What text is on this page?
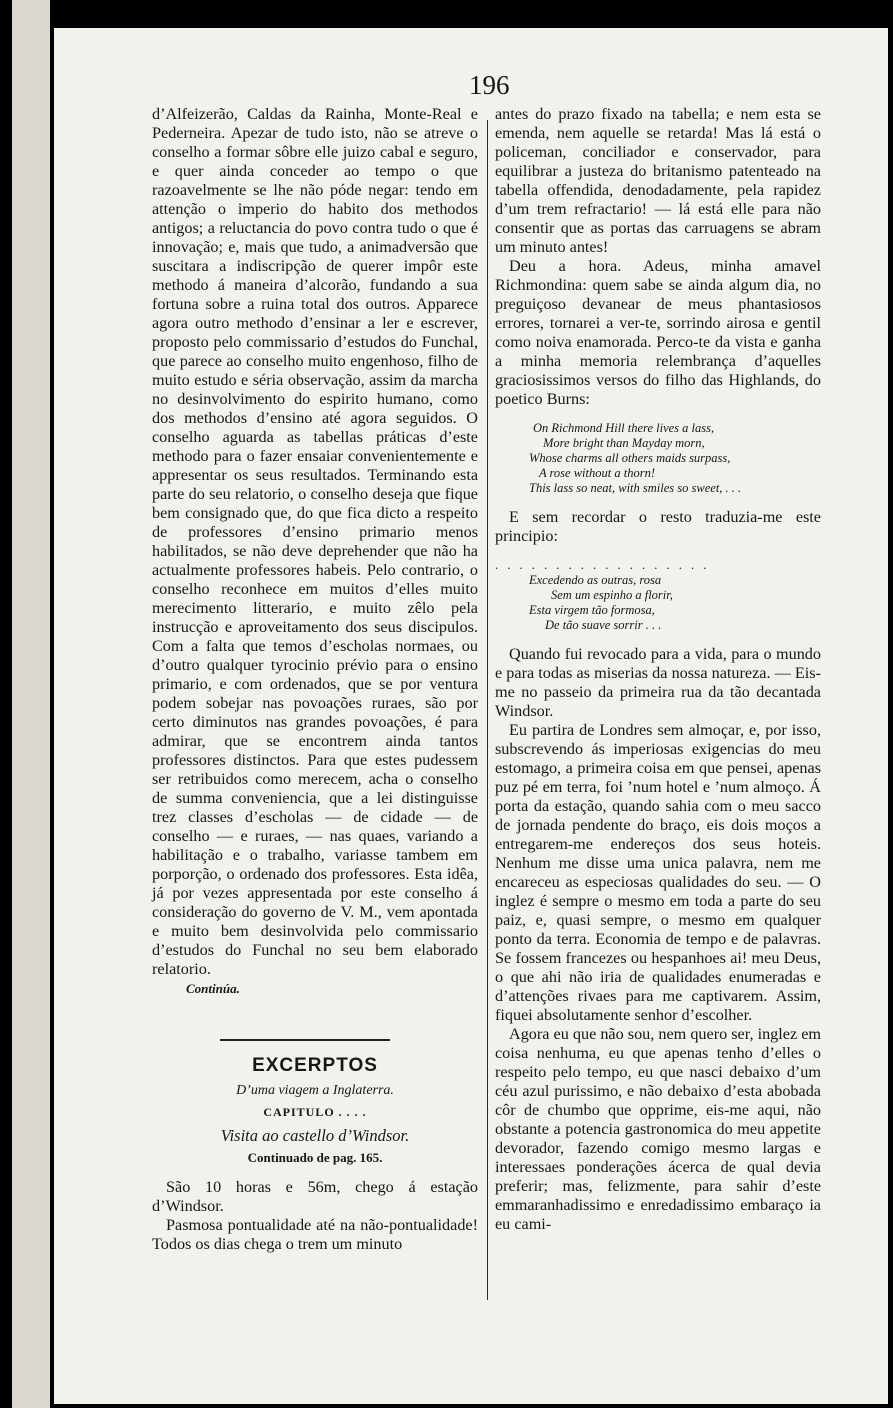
196

d’Alfeizerão, Caldas da Rainha, Monte-Real e Pederneira. Apezar de tudo isto, não se atreve o conselho a formar sôbre elle juizo cabal e seguro, e quer ainda conceder ao tempo o que razoavelmente se lhe não póde negar: tendo em attenção o imperio do habito dos methodos antigos; a reluctancia do povo contra tudo o que é innovação; e, mais que tudo, a animadversão que suscitara a indiscripção de querer impôr este methodo á maneira d’alcorão, fundando a sua fortuna sobre a ruina total dos outros. Apparece agora outro methodo d’ensinar a ler e escrever, proposto pelo commissario d’estudos do Funchal, que parece ao conselho muito engenhoso, filho de muito estudo e séria observação, assim da marcha no desinvolvimento do espirito humano, como dos methodos d’ensino até agora seguidos. O conselho aguarda as tabellas práticas d’este methodo para o fazer ensaiar convenientemente e appresentar os seus resultados. Terminando esta parte do seu relatorio, o conselho deseja que fique bem consignado que, do que fica dicto a respeito de professores d’ensino primario menos habilitados, se não deve deprehender que não ha actualmente professores habeis. Pelo contrario, o conselho reconhece em muitos d’elles muito merecimento litterario, e muito zêlo pela instrucção e aproveitamento dos seus discipulos. Com a falta que temos d’escholas normaes, ou d’outro qualquer tyrocinio prévio para o ensino primario, e com ordenados, que se por ventura podem sobejar nas povoações ruraes, são por certo diminutos nas grandes povoações, é para admirar, que se encontrem ainda tantos professores distinctos. Para que estes pudessem ser retribuidos como merecem, acha o conselho de summa conveniencia, que a lei distinguisse trez classes d’escholas — de cidade — de conselho — e ruraes, — nas quaes, variando a habilitação e o trabalho, variasse tambem em porporção, o ordenado dos professores. Esta idêa, já por vezes appresentada por este conselho á consideração do governo de V. M., vem apontada e muito bem desinvolvida pelo commissario d’estudos do Funchal no seu bem elaborado relatorio.

Continúa.
EXCERPTOS
D’uma viagem a Inglaterra.
CAPITULO . . . .
Visita ao castello d’Windsor.
Continuado de pag. 165.

São 10 horas e 56m, chego á estação d’Windsor.

Pasmosa pontualidade até na não-pontualidade! Todos os dias chega o trem um minuto

antes do prazo fixado na tabella; e nem esta se emenda, nem aquelle se retarda! Mas lá está o policeman, conciliador e conservador, para equilibrar a justeza do britanismo patenteado na tabella offendida, denodadamente, pela rapidez d’um trem refractario! — lá está elle para não consentir que as portas das carruagens se abram um minuto antes!

Deu a hora. Adeus, minha amavel Richmondina: quem sabe se ainda algum dia, no preguiçoso devanear de meus phantasiosos errores, tornarei a ver-te, sorrindo airosa e gentil como noiva enamorada. Perco-te da vista e ganha a minha memoria relembrança d’aquelles graciosissimos versos do filho das Highlands, do poetico Burns:

On Richmond Hill there lives a lass,
More bright than Mayday morn,
Whose charms all others maids surpass,
A rose without a thorn!
This lass so neat, with smiles so sweet, . . .

E sem recordar o resto traduzia-me este principio:

. . . . . . . . . . . . . . . . . .
Excedendo as outras, rosa
Sem um espinho a florir,
Esta virgem tão formosa,
De tão suave sorrir . . .

Quando fui revocado para a vida, para o mundo e para todas as miserias da nossa natureza. — Eis-me no passeio da primeira rua da tão decantada Windsor.

Eu partira de Londres sem almoçar, e, por isso, subscrevendo ás imperiosas exigencias do meu estomago, a primeira coisa em que pensei, apenas puz pé em terra, foi ’num hotel e ’num almoço. Á porta da estação, quando sahia com o meu sacco de jornada pendente do braço, eis dois moços a entregarem-me endereços dos seus hoteis. Nenhum me disse uma unica palavra, nem me encareceu as especiosas qualidades do seu. — O inglez é sempre o mesmo em toda a parte do seu paiz, e, quasi sempre, o mesmo em qualquer ponto da terra. Economia de tempo e de palavras. Se fossem francezes ou hespanhoes ai! meu Deus, o que ahi não iria de qualidades enumeradas e d’attenções rivaes para me captivarem. Assim, fiquei absolutamente senhor d’escolher.

Agora eu que não sou, nem quero ser, inglez em coisa nenhuma, eu que apenas tenho d’elles o respeito pelo tempo, eu que nasci debaixo d’um céu azul purissimo, e não debaixo d’esta abobada côr de chumbo que opprime, eis-me aqui, não obstante a potencia gastronomica do meu appetite devorador, fazendo comigo mesmo largas e interessaes ponderações ácerca de qual devia preferir; mas, felizmente, para sahir d’este emmaranhadissimo e enredadissimo embaraço ia eu cami-
